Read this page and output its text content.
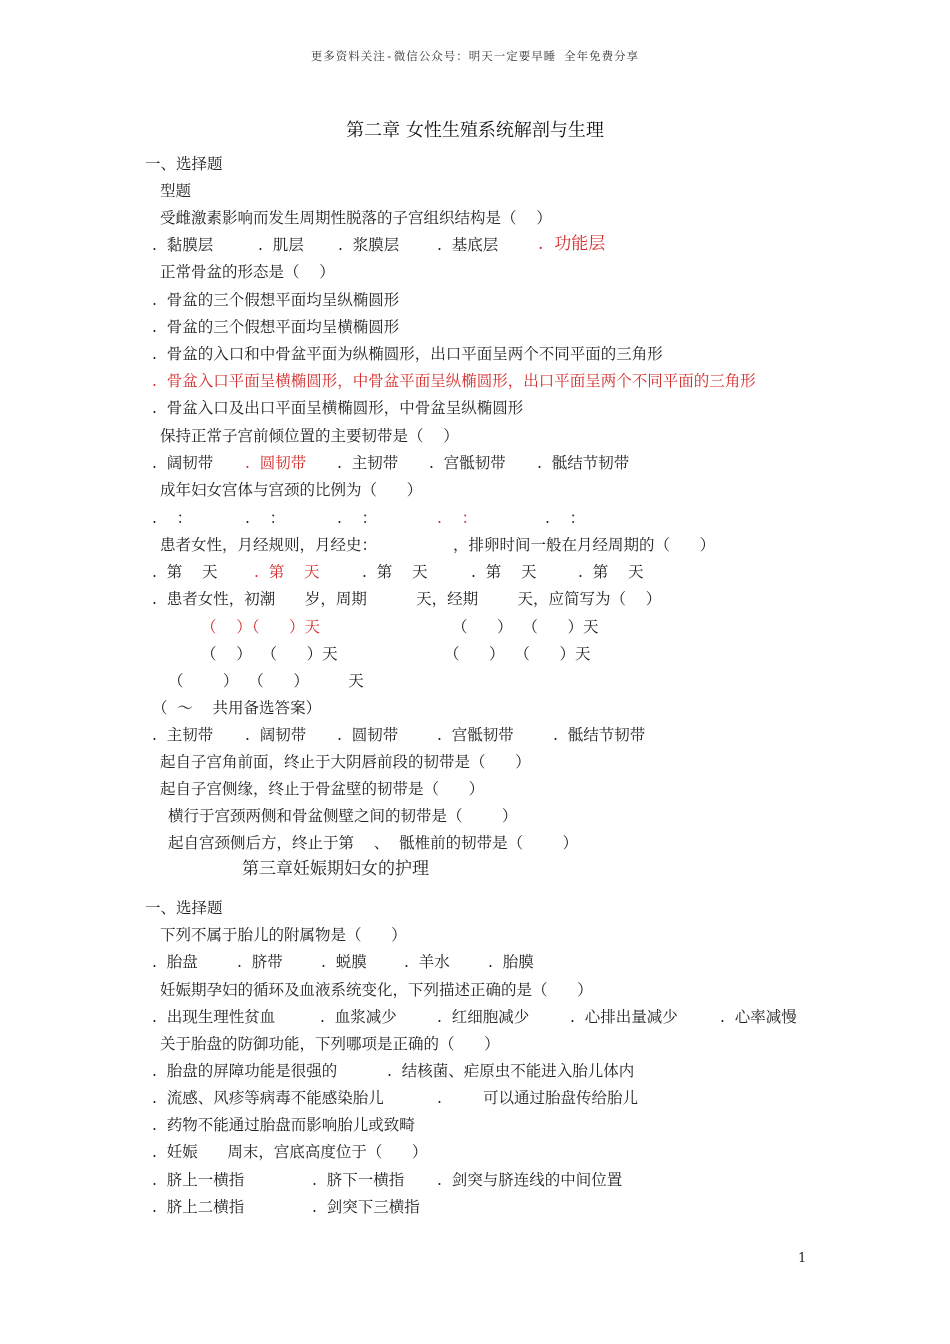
更多资料关注-微信公众号：明天一定要早睡 全年免费分享
第二章 女性生殖系统解剖与生理
一、选择题
型题
受雌激素影响而发生周期性脱落的子宫组织结构是（    ）
.  黏膜层	.  肌层 .  浆膜层 .  基底层 .  功能层
正常骨盆的形态是（    ）
.  骨盆的三个假想平面均呈纵椭圆形
.  骨盆的三个假想平面均呈横椭圆形
.  骨盆的入口和中骨盆平面为纵椭圆形，出口平面呈两个不同平面的三角形
.  骨盆入口平面呈横椭圆形，中骨盆平面呈纵椭圆形，出口平面呈两个不同平面的三角形
.  骨盆入口及出口平面呈横椭圆形，中骨盆呈纵椭圆形
保持正常子宫前倾位置的主要韧带是（    ）
.  阔韧带 .  圆韧带 .  主韧带 .  宫骶韧带 .  骶结节韧带
成年妇女宫体与宫颈的比例为（      ）
.    ：	.    ：	.    ：	.    ：	.    ：
患者女性，月经规则，月经史：	，排卵时间一般在月经周期的（      ）
.  第    天 .  第    天	.  第    天	.  第    天	.  第    天
.  患者女性，初潮      岁，周期          天，经期        天，应简写为（    ）
（    ）（      ）天	（      ）  （      ）天
（    ）  （      ）天	（      ）  （      ）天
（        ）  （      ）        天
（  ～    共用备选答案）
.  主韧带 .  阔韧带 .  圆韧带 .  宫骶韧带	.  骶结节韧带
起自子宫角前面，终止于大阴唇前段的韧带是（      ）
起自子宫侧缘，终止于骨盆壁的韧带是（      ）
横行于宫颈两侧和骨盆侧壁之间的韧带是（        ）
起自宫颈侧后方，终止于第    、  骶椎前的韧带是（        ）
第三章妊娠期妇女的护理
一、选择题
下列不属于胎儿的附属物是（      ）
.  胎盘	.  脐带 .  蜕膜 .  羊水 .  胎膜
妊娠期孕妇的循环及血液系统变化，下列描述正确的是（      ）
.  出现生理性贫血	.  血浆减少	.  红细胞减少	.  心排出量减少	.  心率减慢
关于胎盘的防御功能，下列哪项是正确的（      ）
.  胎盘的屏障功能是很强的	.  结核菌、疟原虫不能进入胎儿体内
.  流感、风疹等病毒不能感染胎儿	.	可以通过胎盘传给胎儿
.  药物不能通过胎盘而影响胎儿或致畸
.  妊娠      周末，宫底高度位于（      ）
.  脐上一横指	.  脐下一横指 .  剑突与脐连线的中间位置
.  脐上二横指	.  剑突下三横指
1
